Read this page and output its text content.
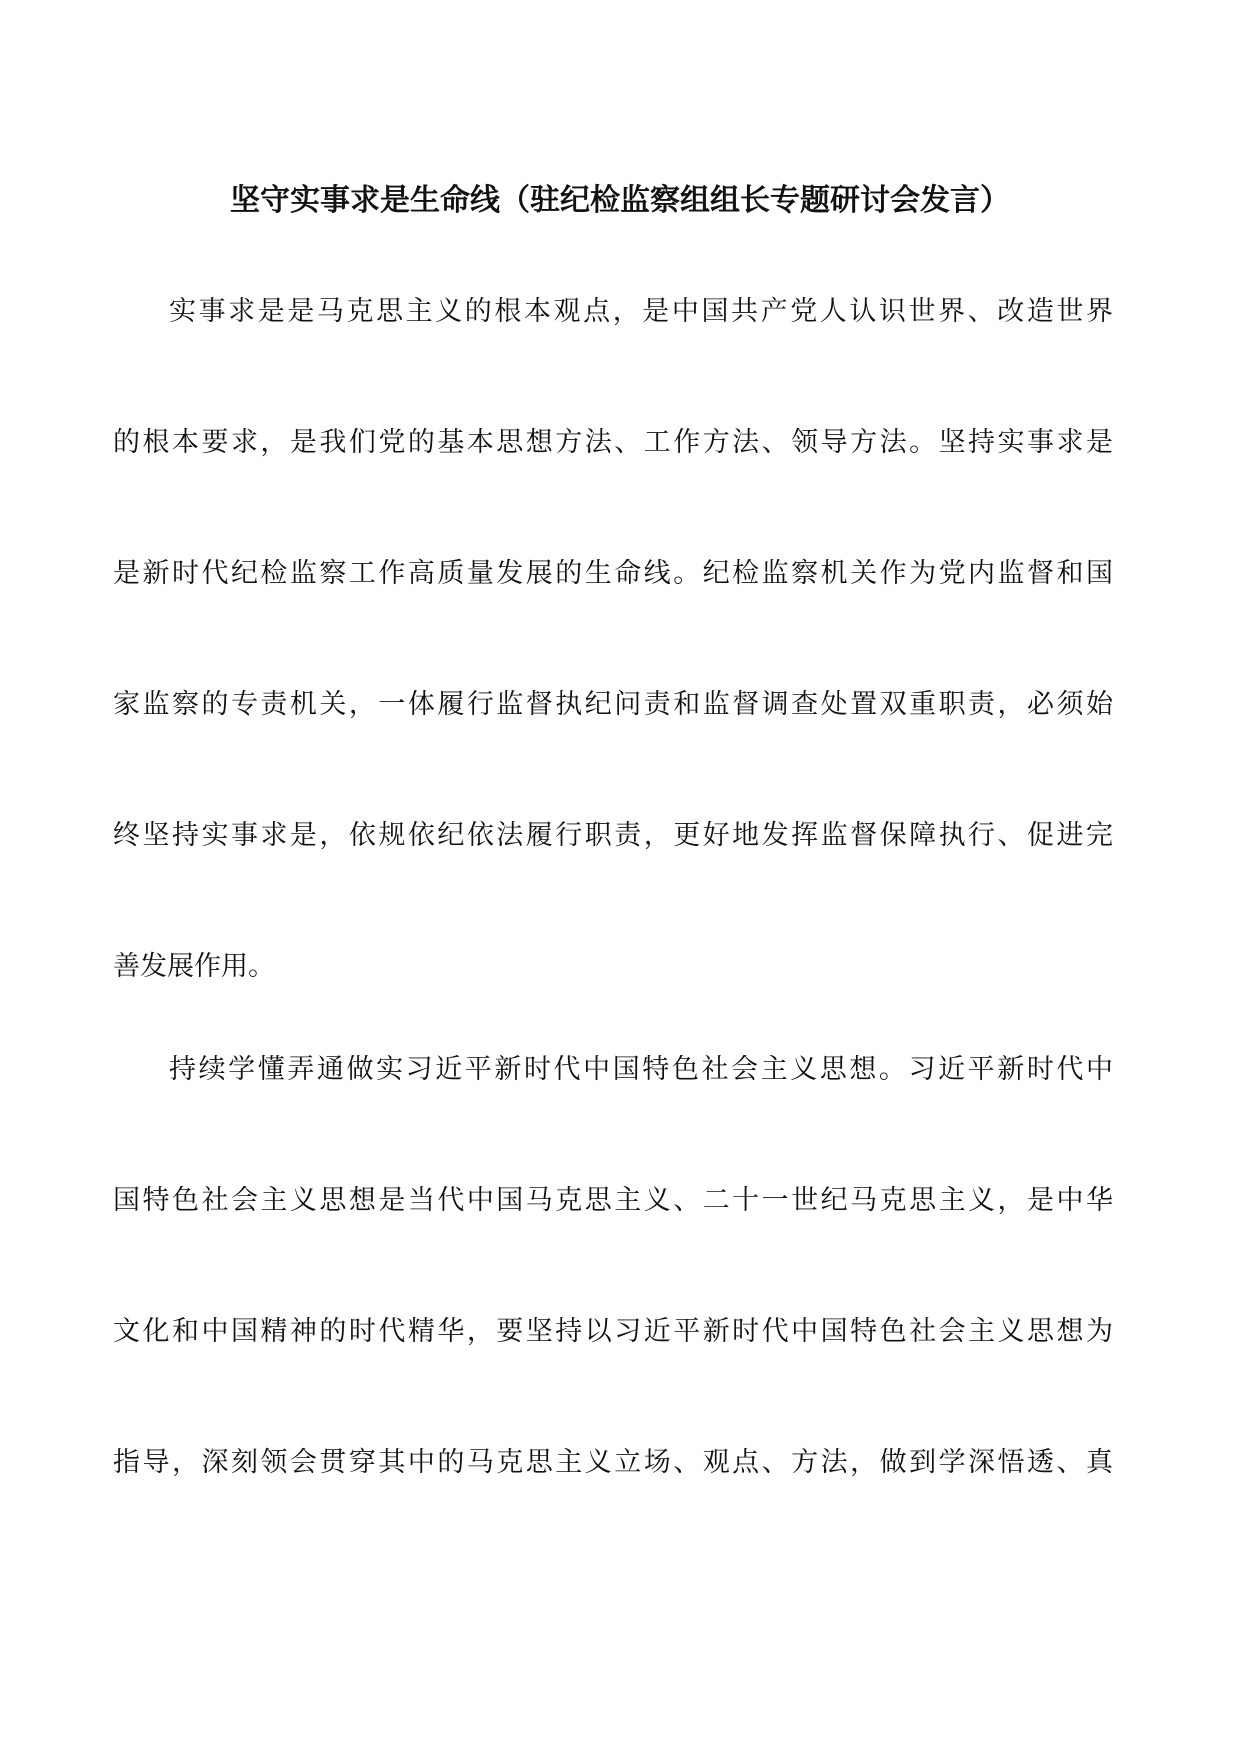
坚守实事求是生命线（驻纪检监察组组长专题研讨会发言）
实事求是是马克思主义的根本观点，是中国共产党人认识世界、改造世界
的根本要求，是我们党的基本思想方法、工作方法、领导方法。坚持实事求是
是新时代纪检监察工作高质量发展的生命线。纪检监察机关作为党内监督和国
家监察的专责机关，一体履行监督执纪问责和监督调查处置双重职责，必须始
终坚持实事求是，依规依纪依法履行职责，更好地发挥监督保障执行、促进完
善发展作用。
持续学懂弄通做实习近平新时代中国特色社会主义思想。习近平新时代中
国特色社会主义思想是当代中国马克思主义、二十一世纪马克思主义，是中华
文化和中国精神的时代精华，要坚持以习近平新时代中国特色社会主义思想为
指导，深刻领会贯穿其中的马克思主义立场、观点、方法，做到学深悟透、真
